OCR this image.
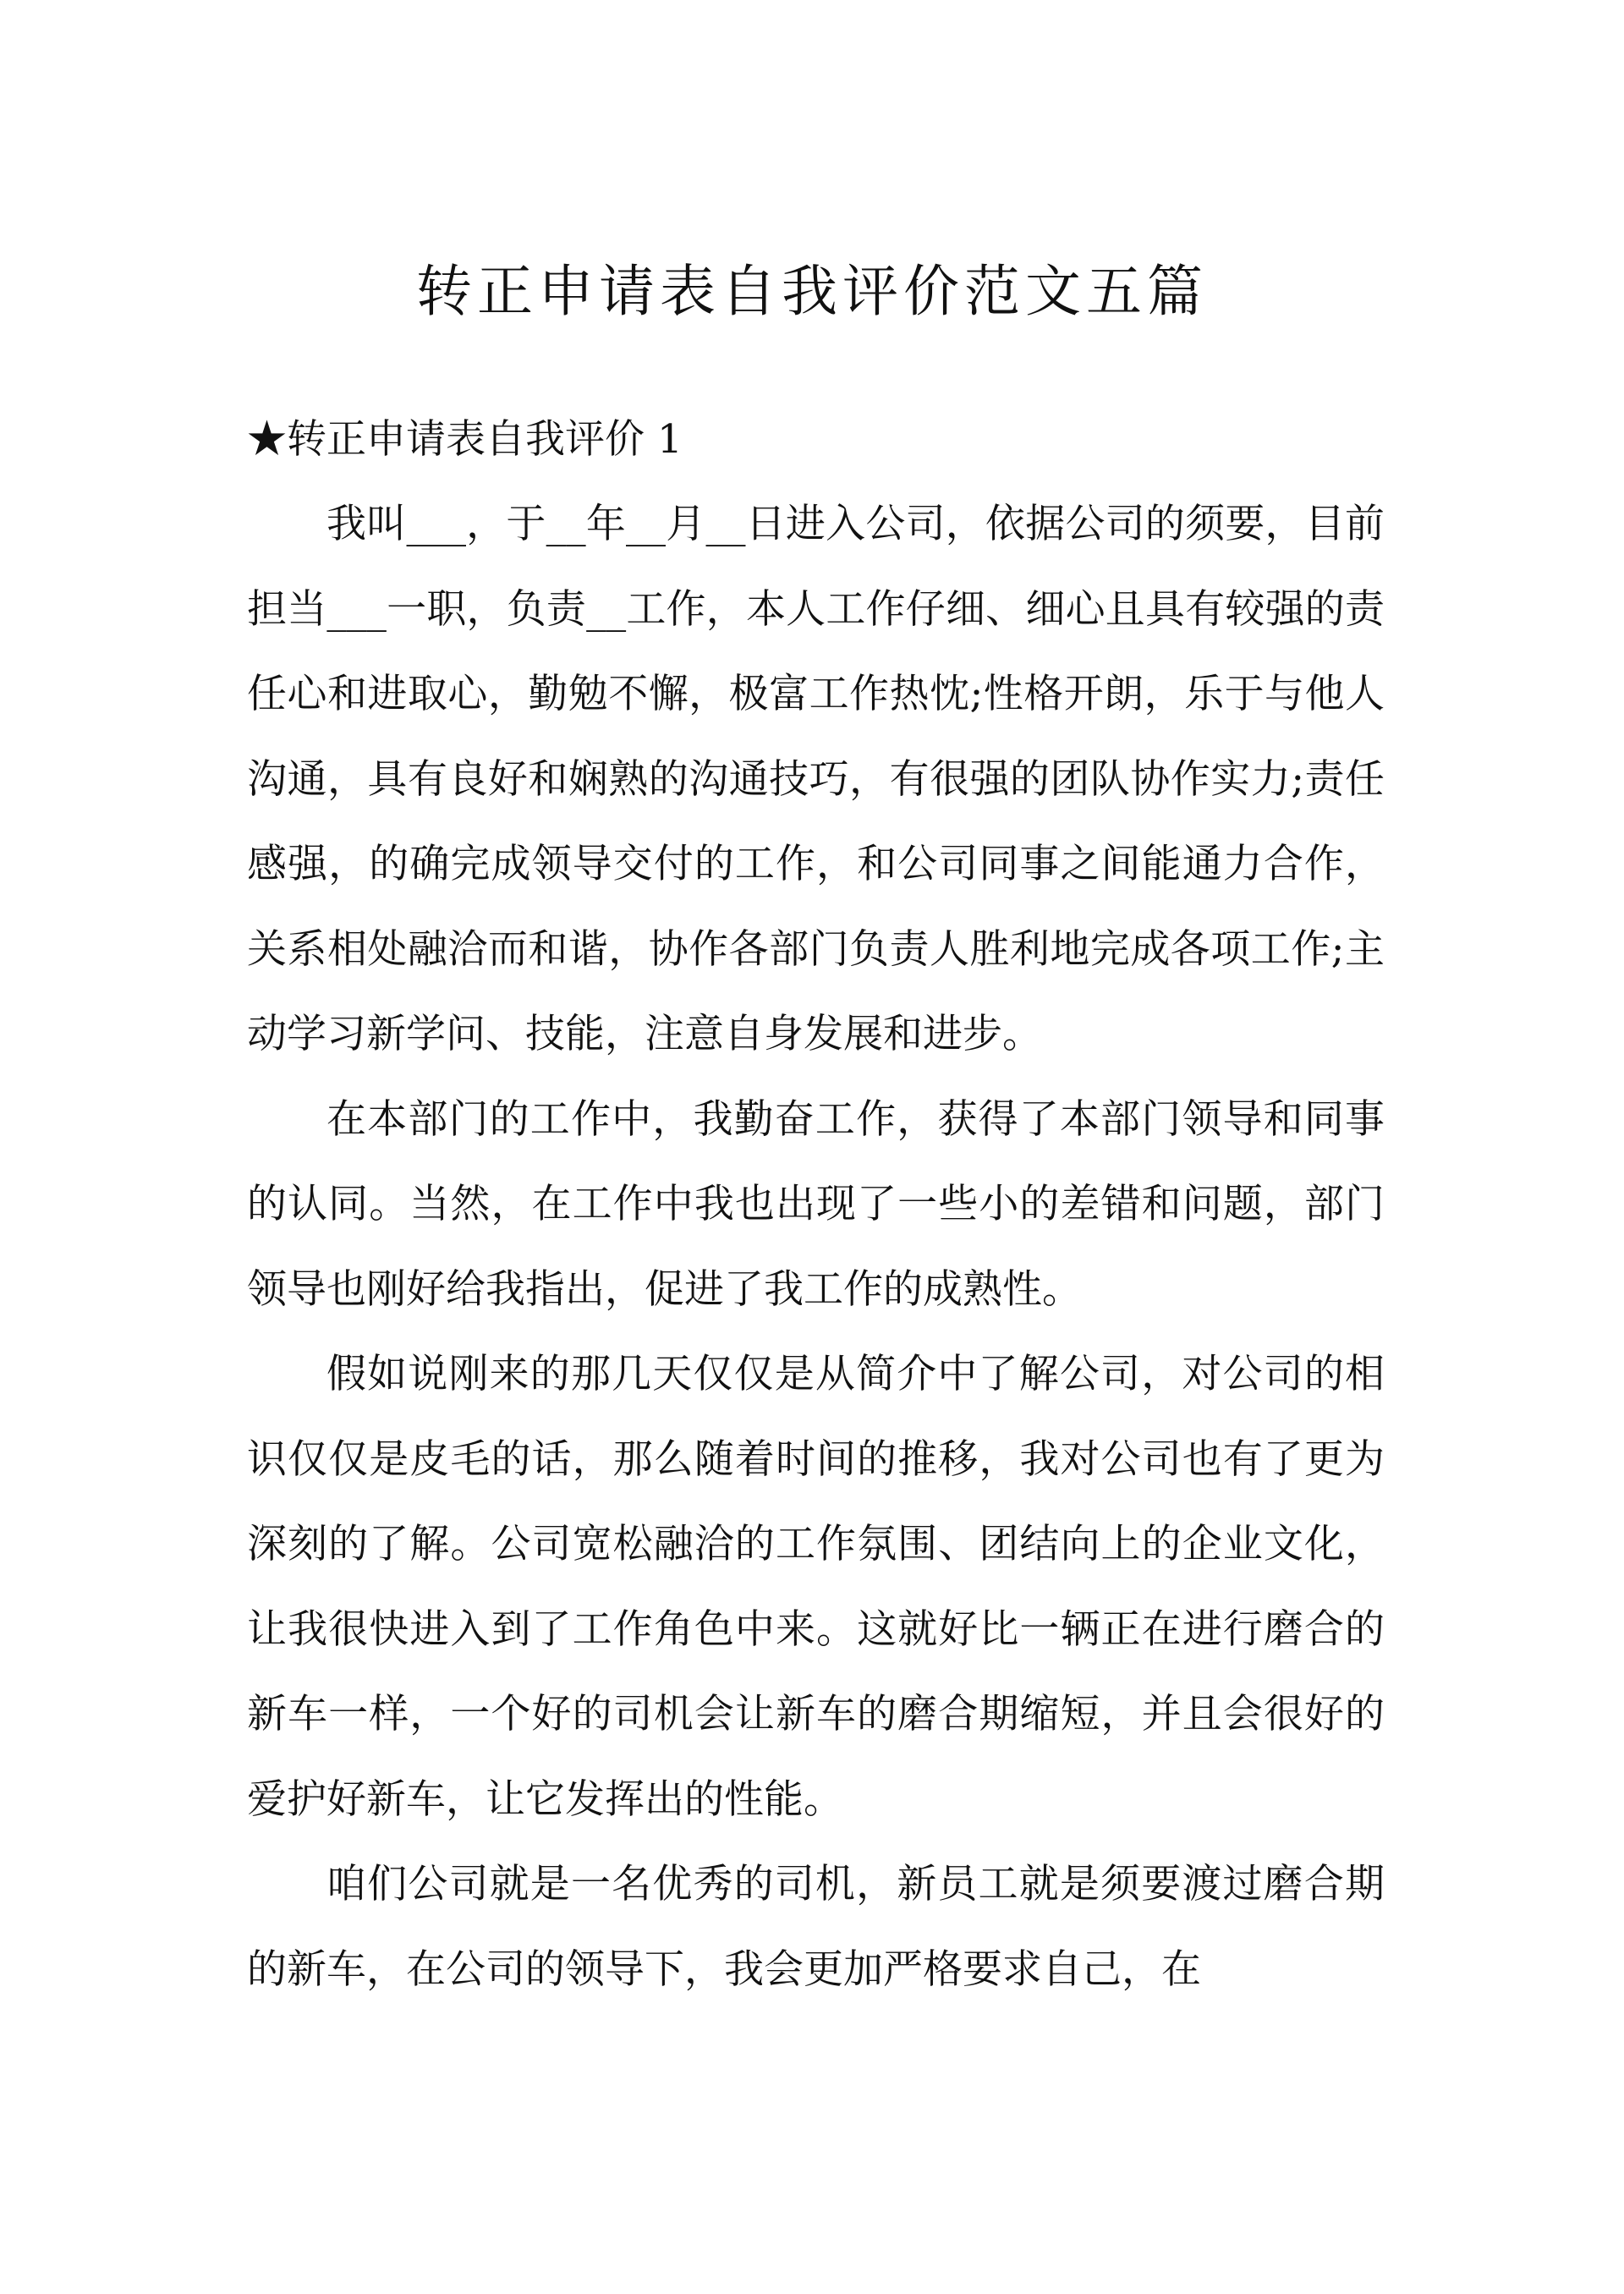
转正申请表自我评价范文五篇

★转正申请表自我评价 1

我叫___，于__年__月__日进入公司，依据公司的须要，目前担当___一职，负责__工作，本人工作仔细、细心且具有较强的责任心和进取心，勤勉不懈，极富工作热忱;性格开朗，乐于与他人沟通，具有良好和娴熟的沟通技巧，有很强的团队协作实力;责任感强，的确完成领导交付的工作，和公司同事之间能通力合作，关系相处融洽而和谐，协作各部门负责人胜利地完成各项工作;主动学习新学问、技能，注意自身发展和进步。

在本部门的工作中，我勤奋工作，获得了本部门领导和同事的认同。当然，在工作中我也出现了一些小的差错和问题，部门领导也刚好给我指出，促进了我工作的成熟性。

假如说刚来的那几天仅仅是从简介中了解公司，对公司的相识仅仅是皮毛的话，那么随着时间的推移，我对公司也有了更为深刻的了解。公司宽松融洽的工作氛围、团结向上的企业文化，让我很快进入到了工作角色中来。这就好比一辆正在进行磨合的新车一样，一个好的司机会让新车的磨合期缩短，并且会很好的爱护好新车，让它发挥出的性能。

咱们公司就是一名优秀的司机，新员工就是须要渡过磨合期的新车，在公司的领导下，我会更加严格要求自己，在
